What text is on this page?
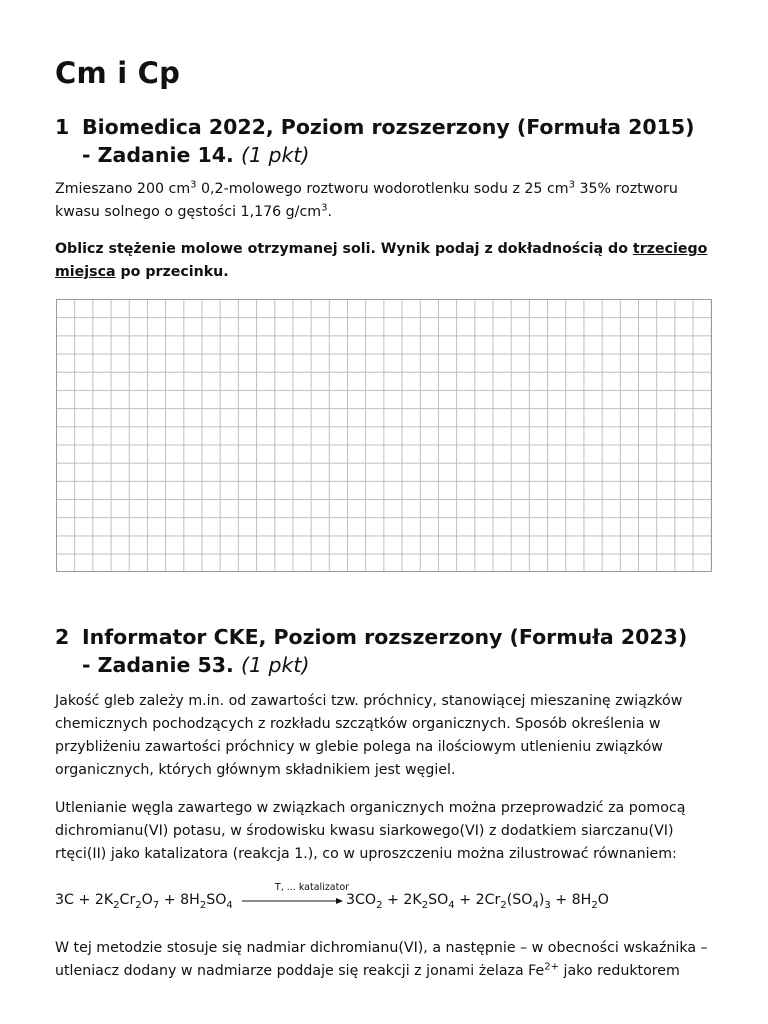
Cm i Cp
1 Biomedica 2022, Poziom rozszerzony (Formuła 2015)
- Zadanie 14. (1 pkt)

Zmieszano 200 $cm^3$ 0,2-molowego roztworu wodorotlenku sodu z 25 $cm^3$ 35% roztworu kwasu solnego o gęstości 1,176 $g/cm^3$.

Oblicz stężenie molowe otrzymanej soli. Wynik podaj z dokładnością do trzeciego miejsca po przecinku.

2 Informator CKE, Poziom rozszerzony (Formuła 2023)
- Zadanie 53. (1 pkt)

Jakość gleb zależy m.in. od zawartości tzw. próchnicy, stanowiącej mieszaninę związków chemicznych pochodzących z rozkładu szczątków organicznych. Sposób określenia w przybliżeniu zawartości próchnicy w glebie polega na ilościowym utlenieniu związków organicznych, których głównym składnikiem jest węgiel.

Utlenianie węgla zawartego w związkach organicznych można przeprowadzić za pomocą dichromianu(VI) potasu, w środowisku kwasu siarkowego(VI) z dodatkiem siarczanu(VI) rtęci(II) jako katalizatora (reakcja 1.), co w uproszczeniu można zilustrować równaniem:

$3C + 2K_2Cr_2O_7 + 8H_2SO_4$
T, ... katalizator
$3CO_2 + 2K_2SO_4 + 2Cr_2(SO_4)_3 + 8H_2O$

W tej metodzie stosuje się nadmiar dichromianu(VI), a następnie – w obecności wskaźnika – utleniacz dodany w nadmiarze poddaje się reakcji z jonami żelaza $Fe^{2+}$ jako reduktorem
